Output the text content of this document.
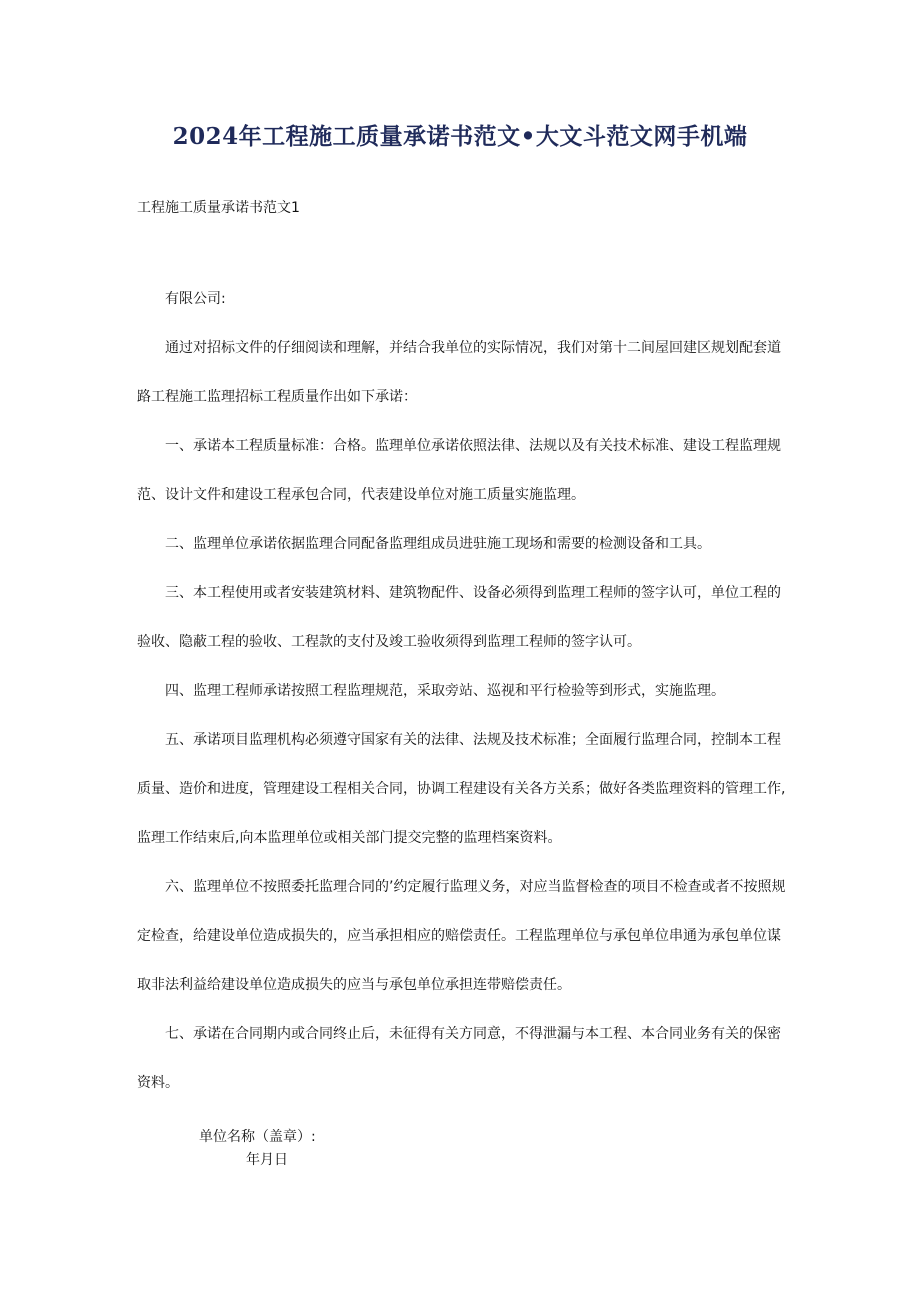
2024年工程施工质量承诺书范文•大文斗范文网手机端
工程施工质量承诺书范文1

有限公司:

通过对招标文件的仔细阅读和理解，并结合我单位的实际情况，我们对第十二间屋回建区规划配套道路工程施工监理招标工程质量作出如下承诺：

一、承诺本工程质量标准：合格。监理单位承诺依照法律、法规以及有关技术标准、建设工程监理规范、设计文件和建设工程承包合同，代表建设单位对施工质量实施监理。

二、监理单位承诺依据监理合同配备监理组成员进驻施工现场和需要的检测设备和工具。

三、本工程使用或者安装建筑材料、建筑物配件、设备必须得到监理工程师的签字认可，单位工程的验收、隐蔽工程的验收、工程款的支付及竣工验收须得到监理工程师的签字认可。

四、监理工程师承诺按照工程监理规范，采取旁站、巡视和平行检验等到形式，实施监理。

五、承诺项目监理机构必须遵守国家有关的法律、法规及技术标准；全面履行监理合同，控制本工程质量、造价和进度，管理建设工程相关合同，协调工程建设有关各方关系；做好各类监理资料的管理工作,监理工作结束后,向本监理单位或相关部门提交完整的监理档案资料。

六、监理单位不按照委托监理合同的’约定履行监理义务，对应当监督检查的项目不检查或者不按照规定检查，给建设单位造成损失的，应当承担相应的赔偿责任。工程监理单位与承包单位串通为承包单位谋取非法利益给建设单位造成损失的应当与承包单位承担连带赔偿责任。

七、承诺在合同期内或合同终止后，未征得有关方同意，不得泄漏与本工程、本合同业务有关的保密资料。

单位名称（盖章）:
年月日
